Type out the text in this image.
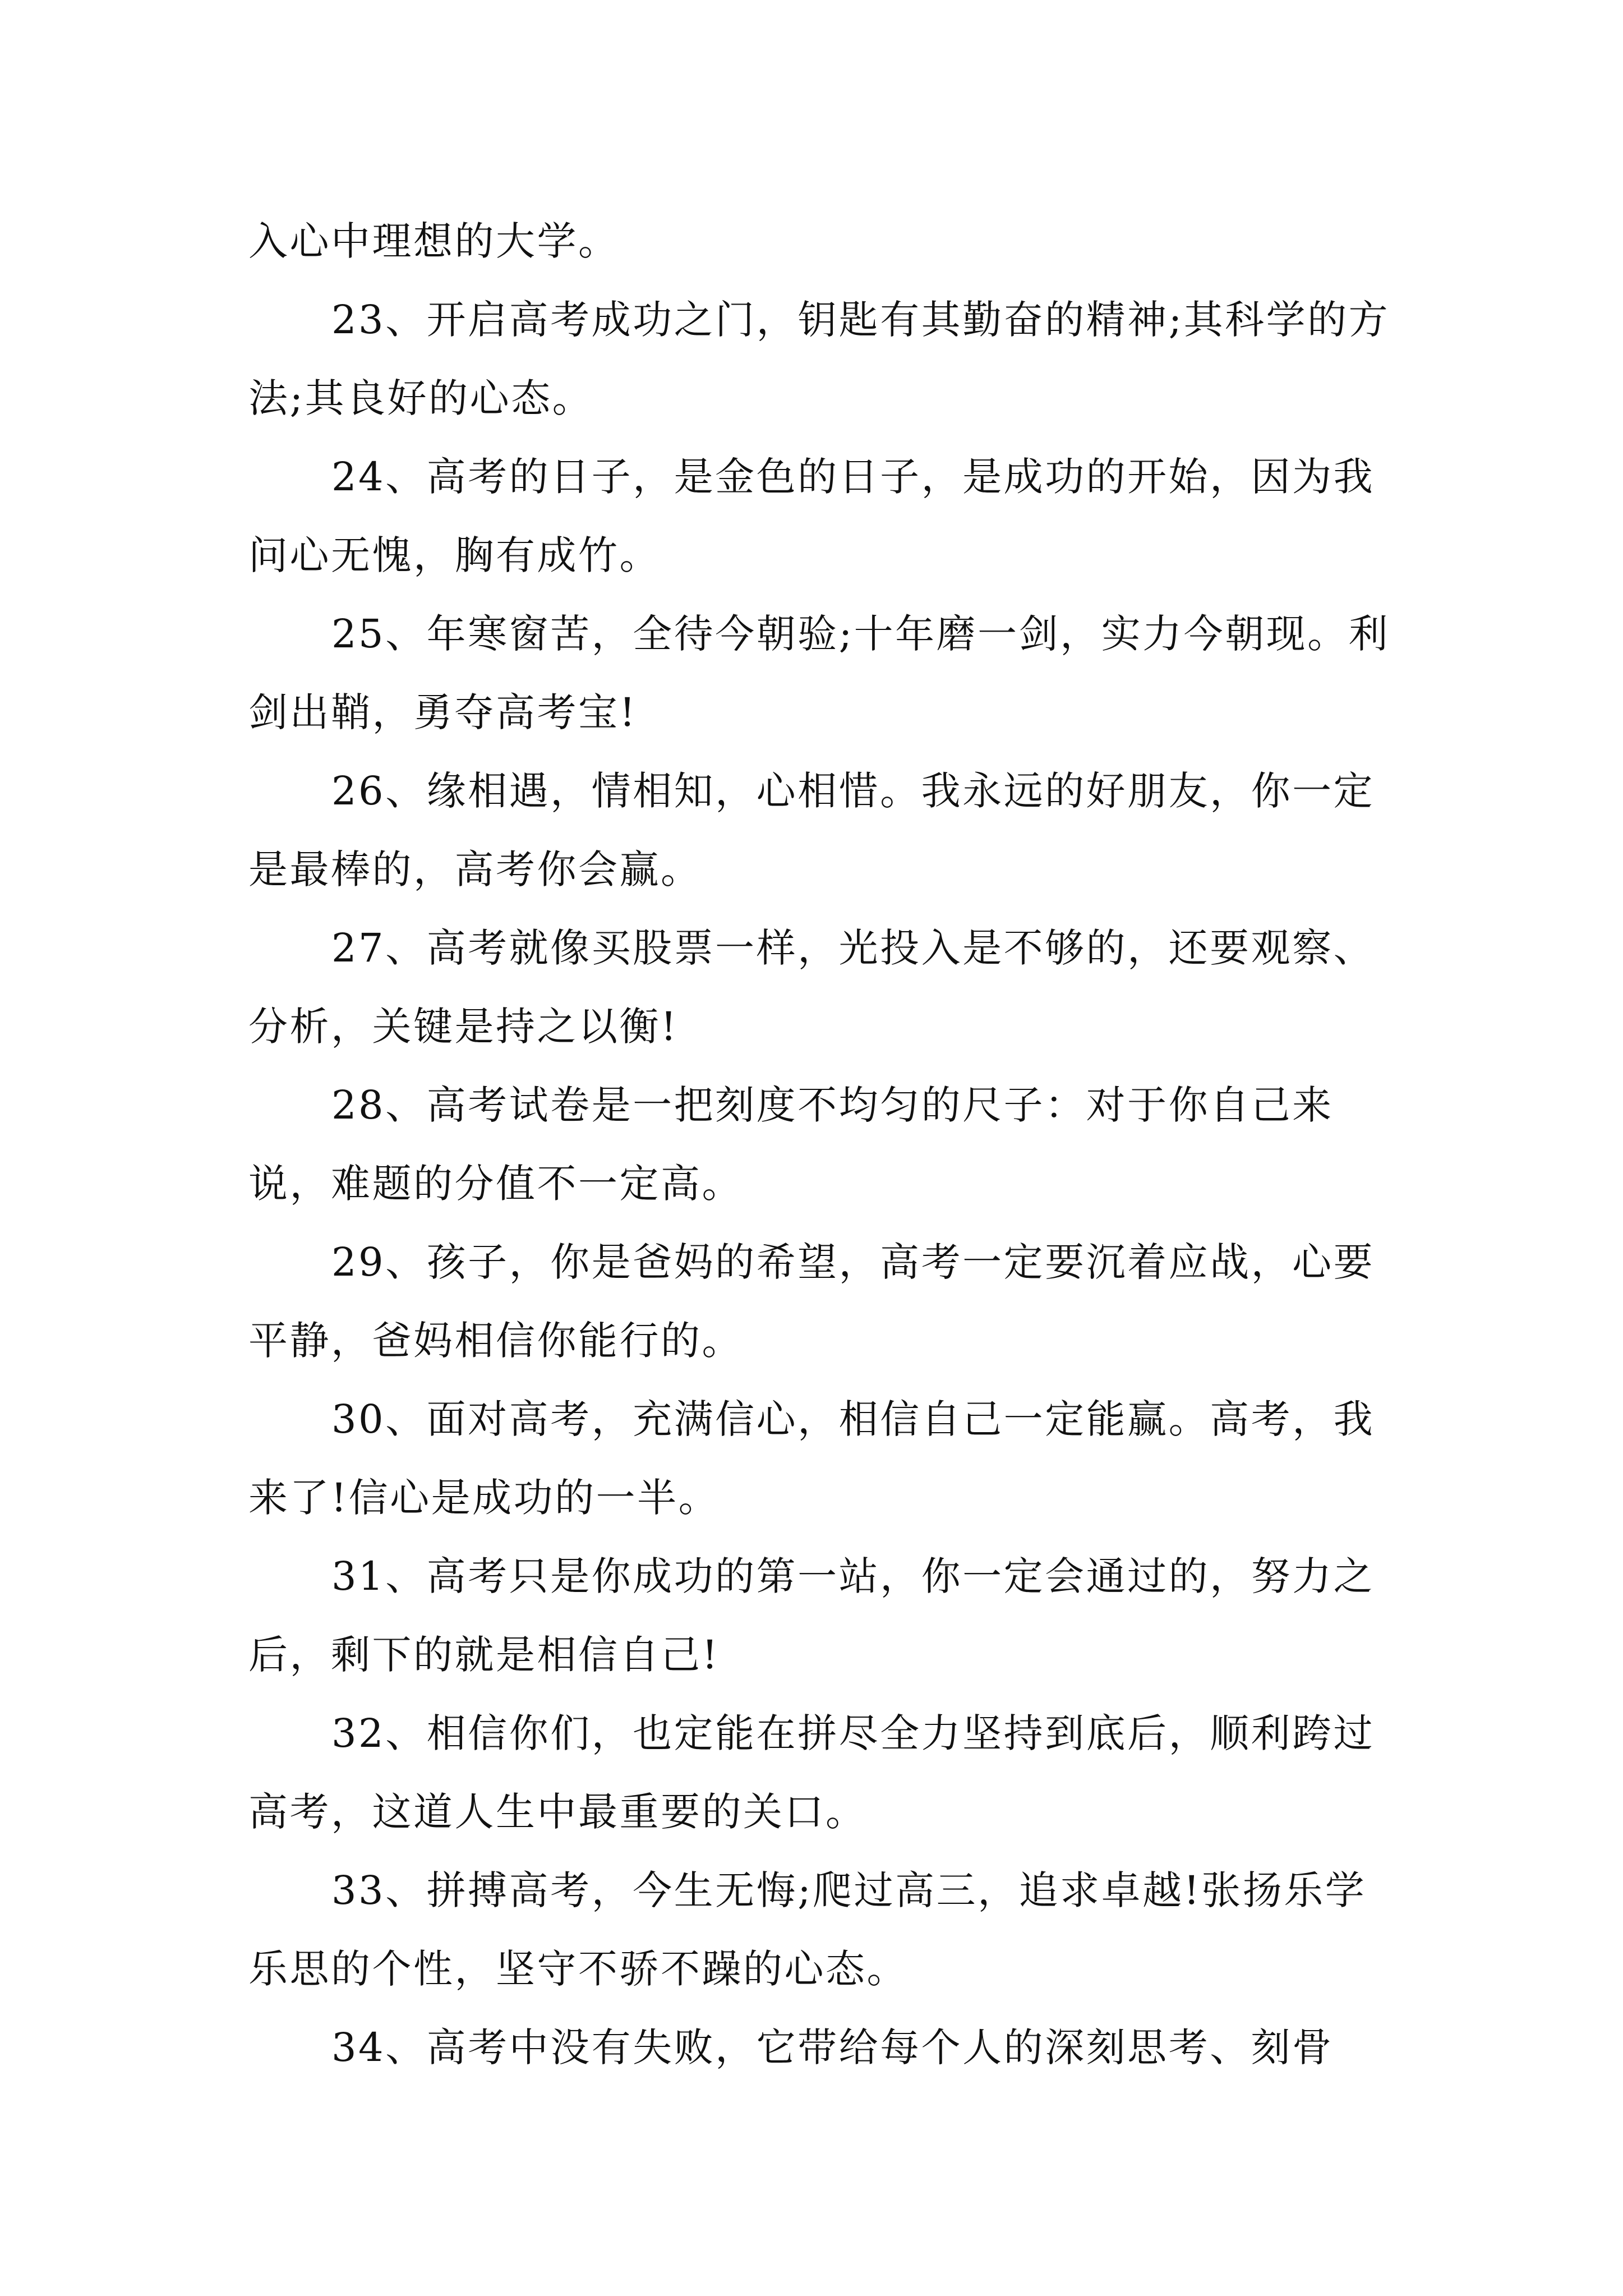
入心中理想的大学。

23、开启高考成功之门，钥匙有其勤奋的精神;其科学的方法;其良好的心态。

24、高考的日子，是金色的日子，是成功的开始，因为我问心无愧，胸有成竹。

25、年寒窗苦，全待今朝验;十年磨一剑，实力今朝现。利剑出鞘，勇夺高考宝!

26、缘相遇，情相知，心相惜。我永远的好朋友，你一定是最棒的，高考你会赢。

27、高考就像买股票一样，光投入是不够的，还要观察、分析，关键是持之以衡!

28、高考试卷是一把刻度不均匀的尺子：对于你自己来说，难题的分值不一定高。

29、孩子，你是爸妈的希望，高考一定要沉着应战，心要平静，爸妈相信你能行的。

30、面对高考，充满信心，相信自己一定能赢。高考，我来了!信心是成功的一半。

31、高考只是你成功的第一站，你一定会通过的，努力之后，剩下的就是相信自己!

32、相信你们，也定能在拼尽全力坚持到底后，顺利跨过高考，这道人生中最重要的关口。

33、拼搏高考，今生无悔;爬过高三，追求卓越!张扬乐学乐思的个性，坚守不骄不躁的心态。

34、高考中没有失败，它带给每个人的深刻思考、刻骨
